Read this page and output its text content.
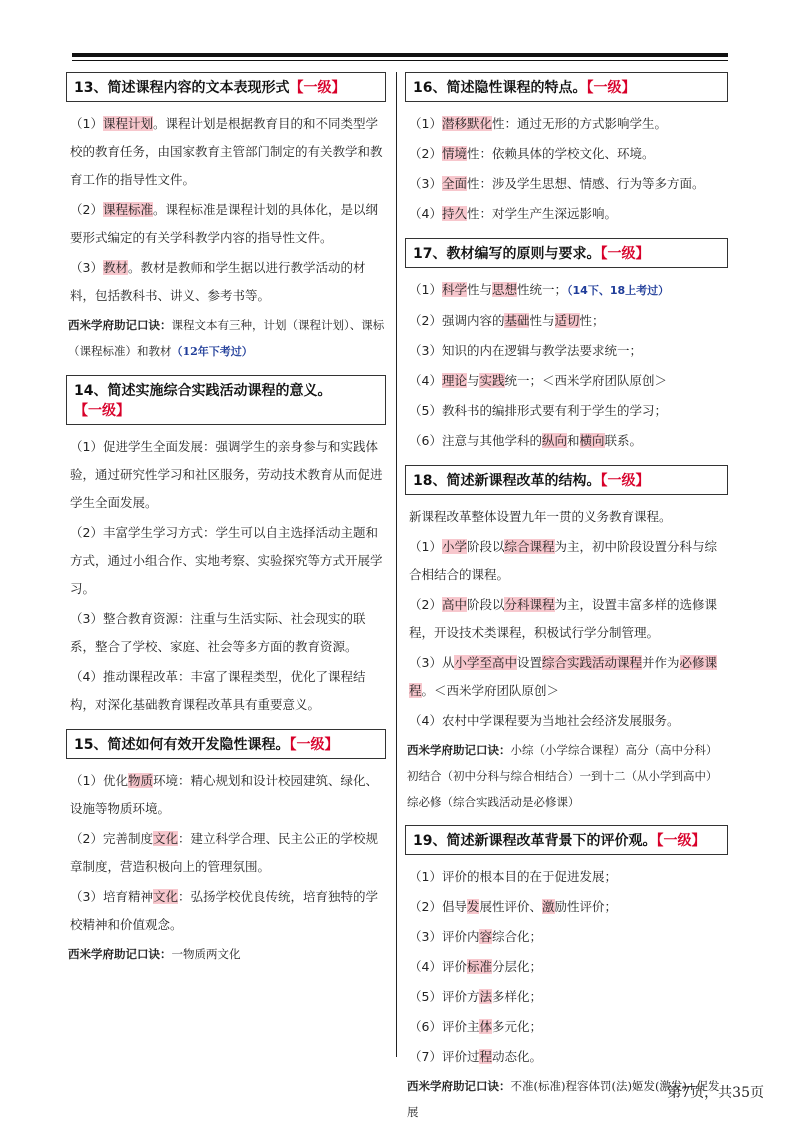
13、简述课程内容的文本表现形式【一级】

（1）课程计划。课程计划是根据教育目的和不同类型学校的教育任务，由国家教育主管部门制定的有关教学和教育工作的指导性文件。

（2）课程标准。课程标准是课程计划的具体化，是以纲要形式编定的有关学科教学内容的指导性文件。

（3）教材。教材是教师和学生据以进行教学活动的材料，包括教科书、讲义、参考书等。

西米学府助记口诀：课程文本有三种，计划（课程计划）、课标（课程标准）和教材（12年下考过）

14、简述实施综合实践活动课程的意义。【一级】

（1）促进学生全面发展：强调学生的亲身参与和实践体验，通过研究性学习和社区服务，劳动技术教育从而促进学生全面发展。

（2）丰富学生学习方式：学生可以自主选择活动主题和方式，通过小组合作、实地考察、实验探究等方式开展学习。

（3）整合教育资源：注重与生活实际、社会现实的联系，整合了学校、家庭、社会等多方面的教育资源。

（4）推动课程改革：丰富了课程类型，优化了课程结构，对深化基础教育课程改革具有重要意义。

15、简述如何有效开发隐性课程。【一级】

（1）优化物质环境：精心规划和设计校园建筑、绿化、设施等物质环境。

（2）完善制度文化：建立科学合理、民主公正的学校规章制度，营造积极向上的管理氛围。

（3）培育精神文化：弘扬学校优良传统，培育独特的学校精神和价值观念。

西米学府助记口诀：一物质两文化

16、简述隐性课程的特点。【一级】

（1）潜移默化性：通过无形的方式影响学生。

（2）情境性：依赖具体的学校文化、环境。

（3）全面性：涉及学生思想、情感、行为等多方面。

（4）持久性：对学生产生深远影响。

17、教材编写的原则与要求。【一级】

（1）科学性与思想性统一；（14下、18上考过）

（2）强调内容的基础性与适切性；

（3）知识的内在逻辑与教学法要求统一；

（4）理论与实践统一；＜西米学府团队原创＞

（5）教科书的编排形式要有利于学生的学习；

（6）注意与其他学科的纵向和横向联系。

18、简述新课程改革的结构。【一级】

新课程改革整体设置九年一贯的义务教育课程。

（1）小学阶段以综合课程为主，初中阶段设置分科与综合相结合的课程。

（2）高中阶段以分科课程为主，设置丰富多样的选修课程，开设技术类课程，积极试行学分制管理。

（3）从小学至高中设置综合实践活动课程并作为必修课程。＜西米学府团队原创＞

（4）农村中学课程要为当地社会经济发展服务。

西米学府助记口诀：小综（小学综合课程）高分（高中分科）初结合（初中分科与综合相结合）一到十二（从小学到高中）综必修（综合实践活动是必修课）

19、简述新课程改革背景下的评价观。【一级】

（1）评价的根本目的在于促进发展；

（2）倡导发展性评价、激励性评价；

（3）评价内容综合化；

（4）评价标准分层化；

（5）评价方法多样化；

（6）评价主体多元化；

（7）评价过程动态化。

西米学府助记口诀：不准(标准)程容体罚(法)姬发(激发)+促发展

第7页，共35页
